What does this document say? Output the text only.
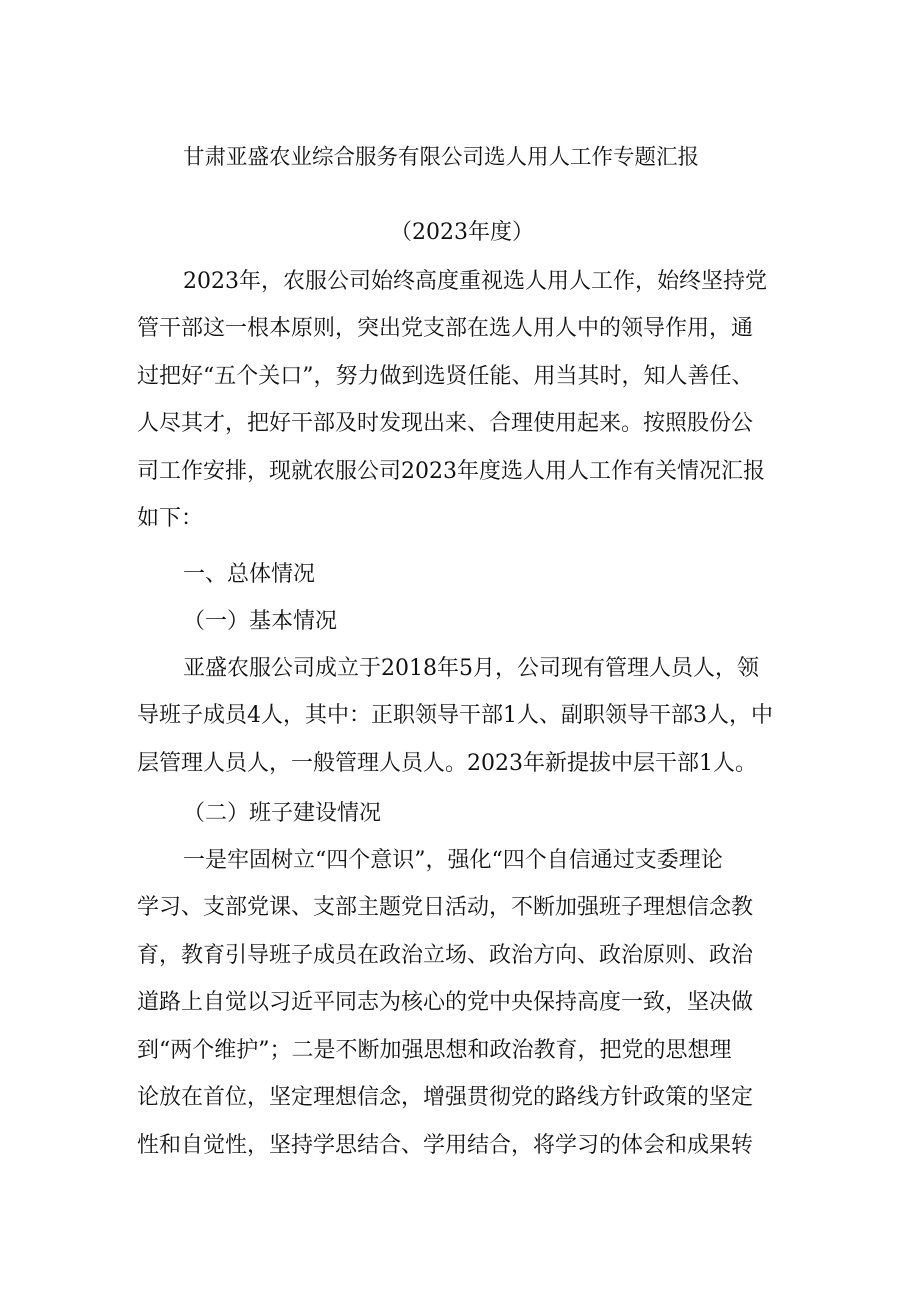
甘肃亚盛农业综合服务有限公司选人用人工作专题汇报
（2023年度）
2023年，农服公司始终高度重视选人用人工作，始终坚持党
管干部这一根本原则，突出党支部在选人用人中的领导作用，通
过把好“五个关口”，努力做到选贤任能、用当其时，知人善任、
人尽其才，把好干部及时发现出来、合理使用起来。按照股份公
司工作安排，现就农服公司2023年度选人用人工作有关情况汇报
如下：
一、总体情况
（一）基本情况
亚盛农服公司成立于2018年5月，公司现有管理人员人，领
导班子成员4人，其中：正职领导干部1人、副职领导干部3人，中
层管理人员人，一般管理人员人。2023年新提拔中层干部1人。
（二）班子建设情况
一是牢固树立“四个意识”，强化“四个自信通过支委理论
学习、支部党课、支部主题党日活动，不断加强班子理想信念教
育，教育引导班子成员在政治立场、政治方向、政治原则、政治
道路上自觉以习近平同志为核心的党中央保持高度一致，坚决做
到“两个维护”；二是不断加强思想和政治教育，把党的思想理
论放在首位，坚定理想信念，增强贯彻党的路线方针政策的坚定
性和自觉性，坚持学思结合、学用结合，将学习的体会和成果转
